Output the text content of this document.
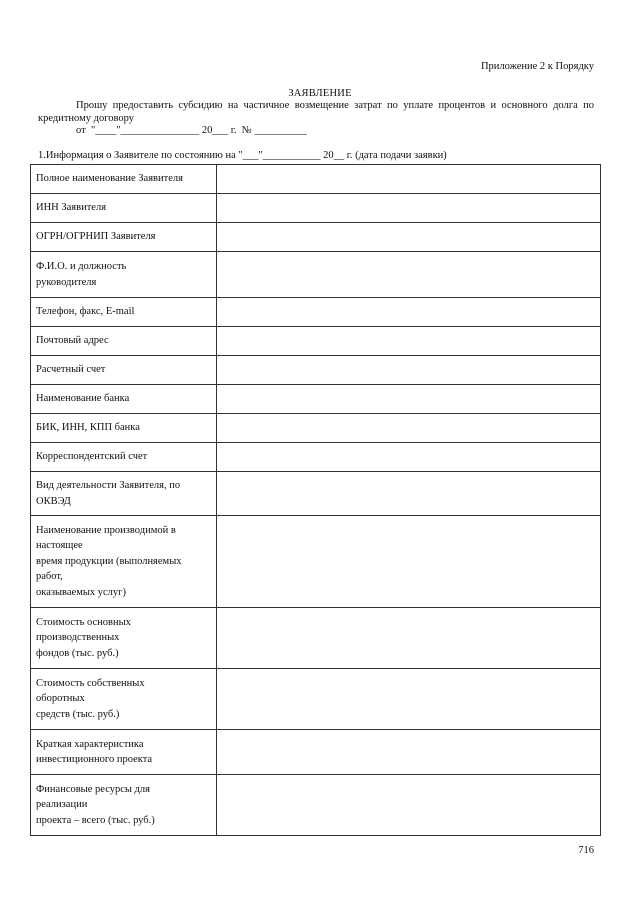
Приложение 2 к Порядку
ЗАЯВЛЕНИЕ
Прошу предоставить субсидию на частичное возмещение затрат по уплате процентов и основного долга по кредитному договору
от  "____"_______________ 20___ г.  № __________
1.Информация о Заявителе по состоянию на "___"___________ 20__ г. (дата подачи заявки)
Полное наименование Заявителя	

ИНН Заявителя	

ОГРН/ОГРНИП Заявителя	

Ф.И.О. и должность
руководителя	

Телефон, факс, E-mail	

Почтовый адрес	

Расчетный счет	

Наименование банка	

БИК, ИНН, КПП банка	

Корреспондентский счет	

Вид деятельности Заявителя, по
ОКВЭД	

Наименование производимой в
настоящее
время продукции (выполняемых
работ,
оказываемых услуг)	

Стоимость основных
производственных
фондов (тыс. руб.)	

Стоимость собственных
оборотных
средств (тыс. руб.)	

Краткая характеристика
инвестиционного проекта	

Финансовые ресурсы для
реализации
проекта – всего (тыс. руб.)	

716
